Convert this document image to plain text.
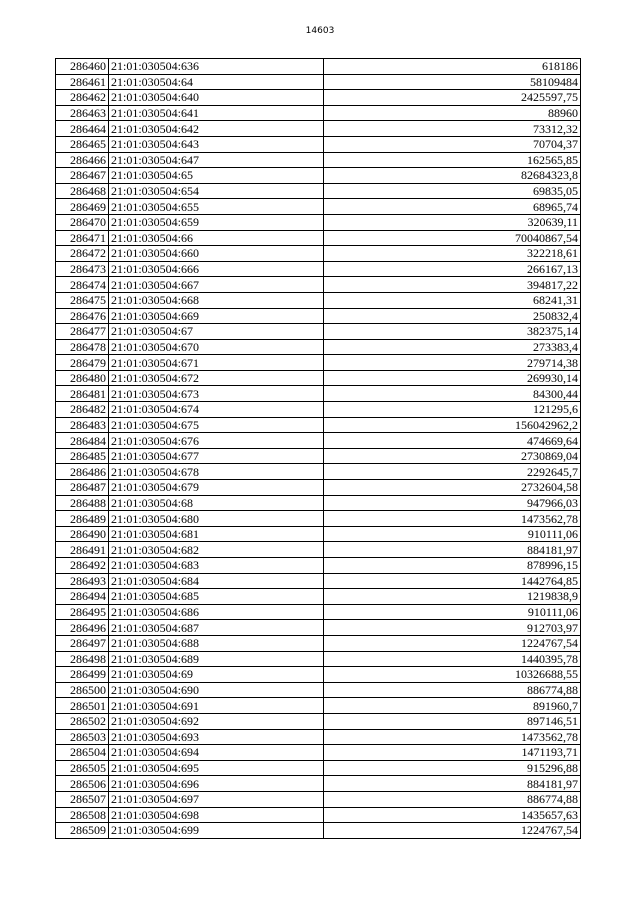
14603
286460	21:01:030504:636	618186
286461	21:01:030504:64	58109484
286462	21:01:030504:640	2425597,75
286463	21:01:030504:641	88960
286464	21:01:030504:642	73312,32
286465	21:01:030504:643	70704,37
286466	21:01:030504:647	162565,85
286467	21:01:030504:65	82684323,8
286468	21:01:030504:654	69835,05
286469	21:01:030504:655	68965,74
286470	21:01:030504:659	320639,11
286471	21:01:030504:66	70040867,54
286472	21:01:030504:660	322218,61
286473	21:01:030504:666	266167,13
286474	21:01:030504:667	394817,22
286475	21:01:030504:668	68241,31
286476	21:01:030504:669	250832,4
286477	21:01:030504:67	382375,14
286478	21:01:030504:670	273383,4
286479	21:01:030504:671	279714,38
286480	21:01:030504:672	269930,14
286481	21:01:030504:673	84300,44
286482	21:01:030504:674	121295,6
286483	21:01:030504:675	156042962,2
286484	21:01:030504:676	474669,64
286485	21:01:030504:677	2730869,04
286486	21:01:030504:678	2292645,7
286487	21:01:030504:679	2732604,58
286488	21:01:030504:68	947966,03
286489	21:01:030504:680	1473562,78
286490	21:01:030504:681	910111,06
286491	21:01:030504:682	884181,97
286492	21:01:030504:683	878996,15
286493	21:01:030504:684	1442764,85
286494	21:01:030504:685	1219838,9
286495	21:01:030504:686	910111,06
286496	21:01:030504:687	912703,97
286497	21:01:030504:688	1224767,54
286498	21:01:030504:689	1440395,78
286499	21:01:030504:69	10326688,55
286500	21:01:030504:690	886774,88
286501	21:01:030504:691	891960,7
286502	21:01:030504:692	897146,51
286503	21:01:030504:693	1473562,78
286504	21:01:030504:694	1471193,71
286505	21:01:030504:695	915296,88
286506	21:01:030504:696	884181,97
286507	21:01:030504:697	886774,88
286508	21:01:030504:698	1435657,63
286509	21:01:030504:699	1224767,54
